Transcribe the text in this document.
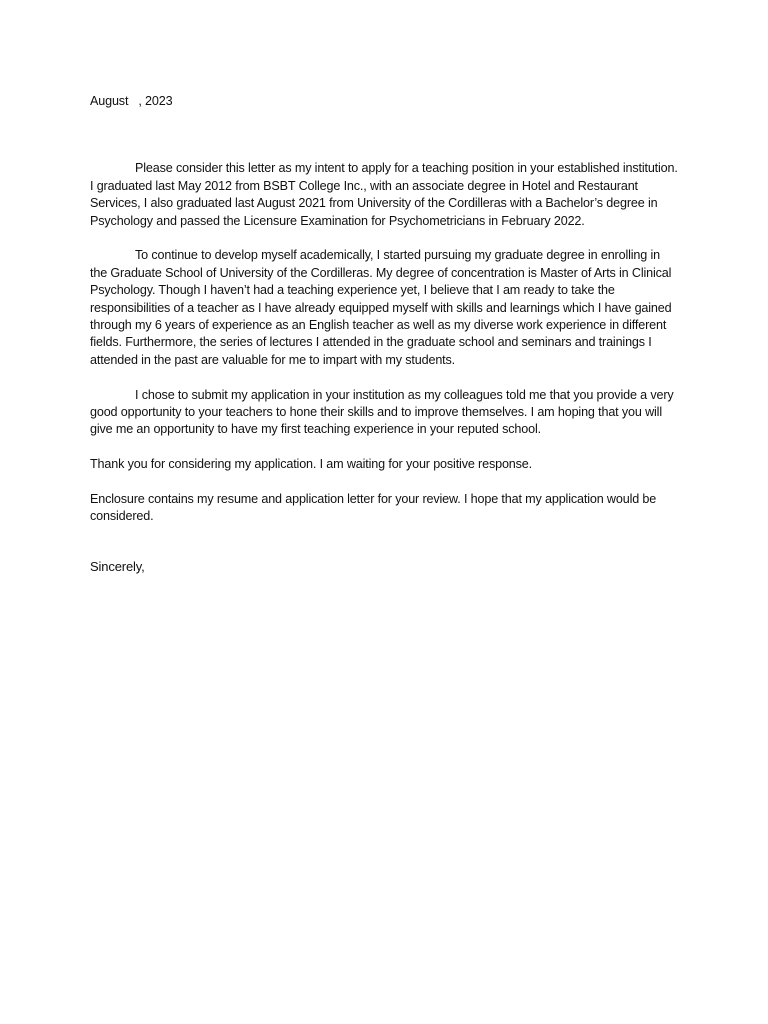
August   , 2023

Please consider this letter as my intent to apply for a teaching position in your established institution. I graduated last May 2012 from BSBT College Inc., with an associate degree in Hotel and Restaurant Services, I also graduated last August 2021 from University of the Cordilleras with a Bachelor’s degree in Psychology and passed the Licensure Examination for Psychometricians in February 2022.

To continue to develop myself academically, I started pursuing my graduate degree in enrolling in the Graduate School of University of the Cordilleras. My degree of concentration is Master of Arts in Clinical Psychology. Though I haven’t had a teaching experience yet, I believe that I am ready to take the responsibilities of a teacher as I have already equipped myself with skills and learnings which I have gained through my 6 years of experience as an English teacher as well as my diverse work experience in different fields. Furthermore, the series of lectures I attended in the graduate school and seminars and trainings I attended in the past are valuable for me to impart with my students.

I chose to submit my application in your institution as my colleagues told me that you provide a very good opportunity to your teachers to hone their skills and to improve themselves. I am hoping that you will give me an opportunity to have my first teaching experience in your reputed school.

Thank you for considering my application. I am waiting for your positive response.

Enclosure contains my resume and application letter for your review. I hope that my application would be considered.

Sincerely,
